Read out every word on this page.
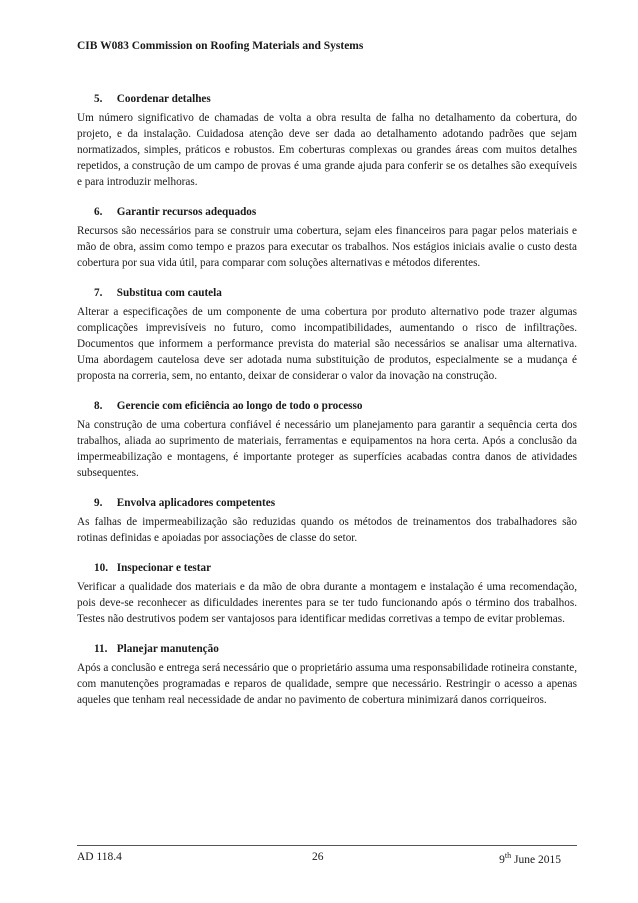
CIB W083 Commission on Roofing Materials and Systems
5. Coordenar detalhes

Um número significativo de chamadas de volta a obra resulta de falha no detalhamento da cobertura, do projeto, e da instalação. Cuidadosa atenção deve ser dada ao detalhamento adotando padrões que sejam normatizados, simples, práticos e robustos. Em coberturas complexas ou grandes áreas com muitos detalhes repetidos, a construção de um campo de provas é uma grande ajuda para conferir se os detalhes são exequíveis e para introduzir melhoras.

6. Garantir recursos adequados

Recursos são necessários para se construir uma cobertura, sejam eles financeiros para pagar pelos materiais e mão de obra, assim como tempo e prazos para executar os trabalhos. Nos estágios iniciais avalie o custo desta cobertura por sua vida útil, para comparar com soluções alternativas e métodos diferentes.

7. Substitua com cautela

Alterar a especificações de um componente de uma cobertura por produto alternativo pode trazer algumas complicações imprevisíveis no futuro, como incompatibilidades, aumentando o risco de infiltrações. Documentos que informem a performance prevista do material são necessários se analisar uma alternativa. Uma abordagem cautelosa deve ser adotada numa substituição de produtos, especialmente se a mudança é proposta na correria, sem, no entanto, deixar de considerar o valor da inovação na construção.

8. Gerencie com eficiência ao longo de todo o processo

Na construção de uma cobertura confiável é necessário um planejamento para garantir a sequência certa dos trabalhos, aliada ao suprimento de materiais, ferramentas e equipamentos na hora certa. Após a conclusão da impermeabilização e montagens, é importante proteger as superfícies acabadas contra danos de atividades subsequentes.

9. Envolva aplicadores competentes

As falhas de impermeabilização são reduzidas quando os métodos de treinamentos dos trabalhadores são rotinas definidas e apoiadas por associações de classe do setor.

10. Inspecionar e testar

Verificar a qualidade dos materiais e da mão de obra durante a montagem e instalação é uma recomendação, pois deve-se reconhecer as dificuldades inerentes para se ter tudo funcionando após o término dos trabalhos. Testes não destrutivos podem ser vantajosos para identificar medidas corretivas a tempo de evitar problemas.

11. Planejar manutenção

Após a conclusão e entrega será necessário que o proprietário assuma uma responsabilidade rotineira constante, com manutenções programadas e reparos de qualidade, sempre que necessário. Restringir o acesso a apenas aqueles que tenham real necessidade de andar no pavimento de cobertura minimizará danos corriqueiros.

AD 118.4	26	9th June 2015
